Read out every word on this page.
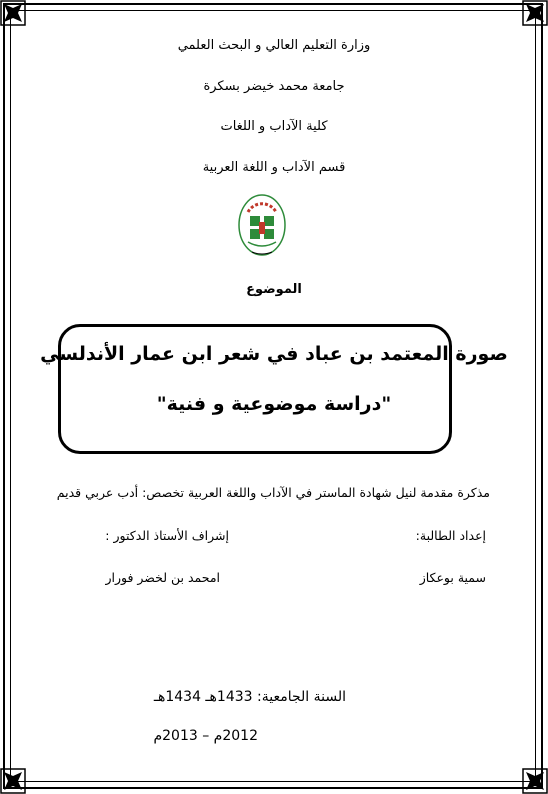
وزارة التعليم العالي و البحث العلمي
جامعة محمد خيضر بسكرة
كلية الآداب و اللغات
قسم الآداب و اللغة العربية
الموضوع
صورة المعتمد بن عباد في شعر ابن عمار الأندلسي
"دراسة موضوعية و فنية"
مذكرة مقدمة لنيل شهادة الماستر في الآداب واللغة العربية تخصص: أدب عربي قديم
إعداد الطالبة:
إشراف الأستاذ الدكتور :
سمية بوعكاز
امحمد بن لخضر فورار
السنة الجامعية: 1433هـ 1434هـ
2012م – 2013م
